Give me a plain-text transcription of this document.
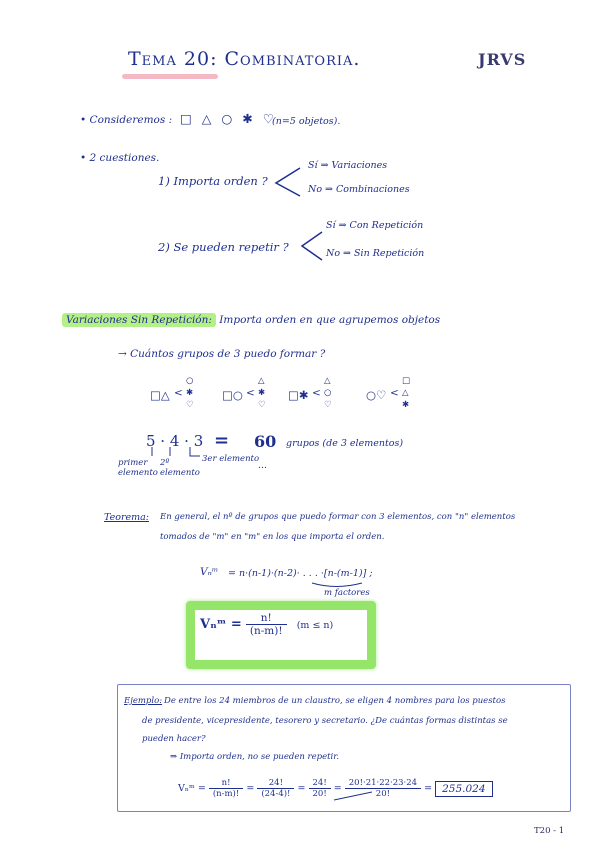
Tema 20: Combinatoria.	JRVS
• Consideremos : □ △ ○ ✱ ♡
(n=5 objetos).
• 2 cuestiones.
1) Importa orden ?
Sí ⇒ Variaciones
No ⇒ Combinaciones
2) Se pueden repetir ?
Sí ⇒ Con Repetición
No ⇒ Sin Repetición
Variaciones Sin Repetición: Importa orden en que agrupemos objetos
→ Cuántos grupos de 3 puedo formar ?
□△ <
○
✱
♡
□○ <
△
✱
♡
□✱ <
△
○
♡
○♡ <
□
△
✱
5 · 4 · 3 = 60 grupos (de 3 elementos)
primer elemento
2º elemento
3er elemento
...
Teorema: En general, el nº de grupos que puedo formar con 3 elementos, con "n" elementos
tomados de "m" en "m" en los que importa el orden.
Vₙᵐ = n·(n-1)·(n-2)· . . . ·[n-(m-1)] ;
m factores
Vₙᵐ = $\frac{n!}{(n-m)!} (m \le n)$
Ejemplo: De entre los 24 miembros de un claustro, se eligen 4 nombres para los puestos
de presidente, vicepresidente, tesorero y secretario. ¿De cuántas formas distintas se
pueden hacer?
⇒ Importa orden, no se pueden repetir.
Vₙᵐ = $\frac{n!}{(n-m)!} = \frac{24!}{(24-4)!} = \frac{24!}{20!} = \frac{20!\cdot 21\cdot 22\cdot 23\cdot 24}{20!} = 255.024$
T20 - 1
